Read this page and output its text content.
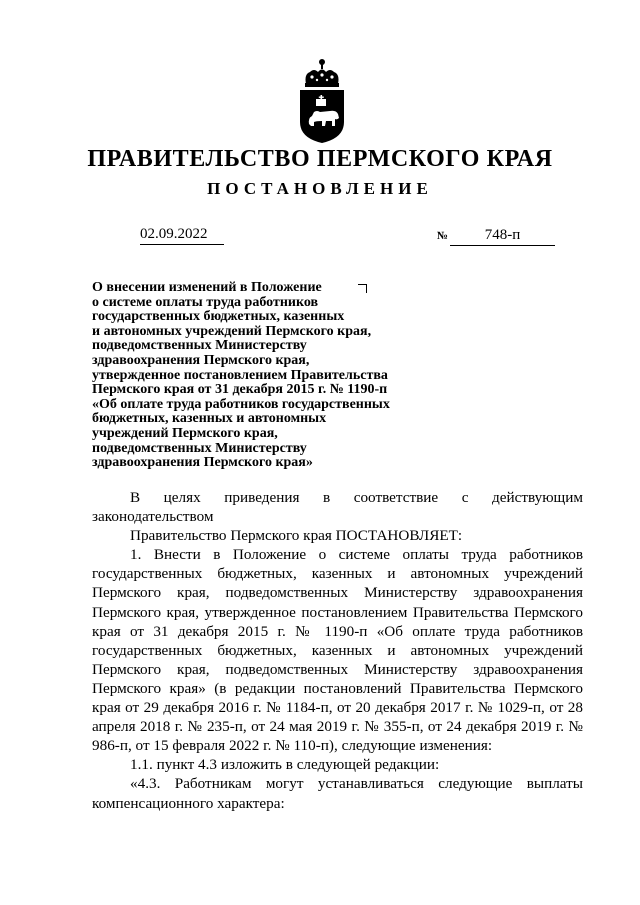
ПРАВИТЕЛЬСТВО ПЕРМСКОГО КРАЯ
ПОСТАНОВЛЕНИЕ
02.09.2022	№ 748-п
О внесении изменений в Положение
о системе оплаты труда работников
государственных бюджетных, казенных
и автономных учреждений Пермского края,
подведомственных Министерству
здравоохранения Пермского края,
утвержденное постановлением Правительства
Пермского края от 31 декабря 2015 г. № 1190-п
«Об оплате труда работников государственных
бюджетных, казенных и автономных
учреждений Пермского края,
подведомственных Министерству
здравоохранения Пермского края»

В целях приведения в соответствие с действующим

законодательством

Правительство Пермского края ПОСТАНОВЛЯЕТ:

1. Внести в Положение о системе оплаты труда работников государственных бюджетных, казенных и автономных учреждений Пермского края, подведомственных Министерству здравоохранения Пермского края, утвержденное постановлением Правительства Пермского края от 31 декабря 2015 г. № 1190-п «Об оплате труда работников государственных бюджетных, казенных и автономных учреждений Пермского края, подведомственных Министерству здравоохранения Пермского края» (в редакции постановлений Правительства Пермского края от 29 декабря 2016 г. № 1184-п, от 20 декабря 2017 г. № 1029-п, от 28 апреля 2018 г. № 235-п, от 24 мая 2019 г. № 355-п, от 24 декабря 2019 г. № 986-п, от 15 февраля 2022 г. № 110-п), следующие изменения:

1.1. пункт 4.3 изложить в следующей редакции:

«4.3. Работникам могут устанавливаться следующие выплаты компенсационного характера:
